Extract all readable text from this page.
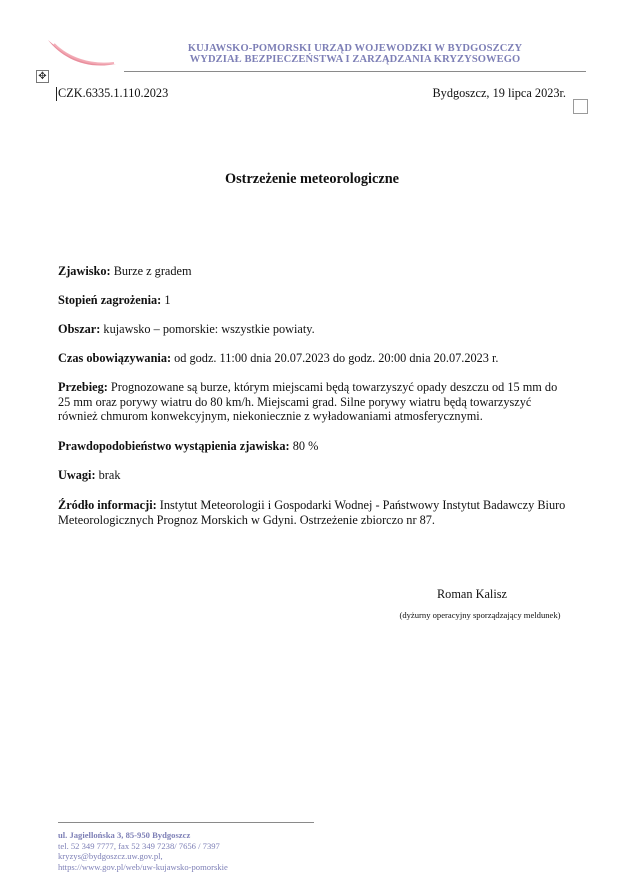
KUJAWSKO-POMORSKI URZĄD WOJEWODZKI W BYDGOSZCZY
WYDZIAŁ BEZPIECZEŃSTWA I ZARZĄDZANIA KRYZYSOWEGO
✥
CZK.6335.1.110.2023	Bydgoszcz, 19 lipca 2023r.
Ostrzeżenie meteorologiczne
Zjawisko: Burze z gradem
Stopień zagrożenia: 1
Obszar: kujawsko – pomorskie: wszystkie powiaty.
Czas obowiązywania: od godz. 11:00 dnia 20.07.2023 do godz. 20:00 dnia 20.07.2023 r.
Przebieg: Prognozowane są burze, którym miejscami będą towarzyszyć opady deszczu od 15 mm do 25 mm oraz porywy wiatru do 80 km/h. Miejscami grad. Silne porywy wiatru będą towarzyszyć również chmurom konwekcyjnym, niekoniecznie z wyładowaniami atmosferycznymi.
Prawdopodobieństwo wystąpienia zjawiska: 80 %
Uwagi: brak
Źródło informacji: Instytut Meteorologii i Gospodarki Wodnej - Państwowy Instytut Badawczy Biuro Meteorologicznych Prognoz Morskich w Gdyni. Ostrzeżenie zbiorczo nr 87.
Roman Kalisz
(dyżurny operacyjny sporządzający meldunek)
ul. Jagiellońska 3, 85-950 Bydgoszcz
tel. 52 349 7777, fax 52 349 7238/ 7656 / 7397
kryzys@bydgoszcz.uw.gov.pl,
https://www.gov.pl/web/uw-kujawsko-pomorskie
